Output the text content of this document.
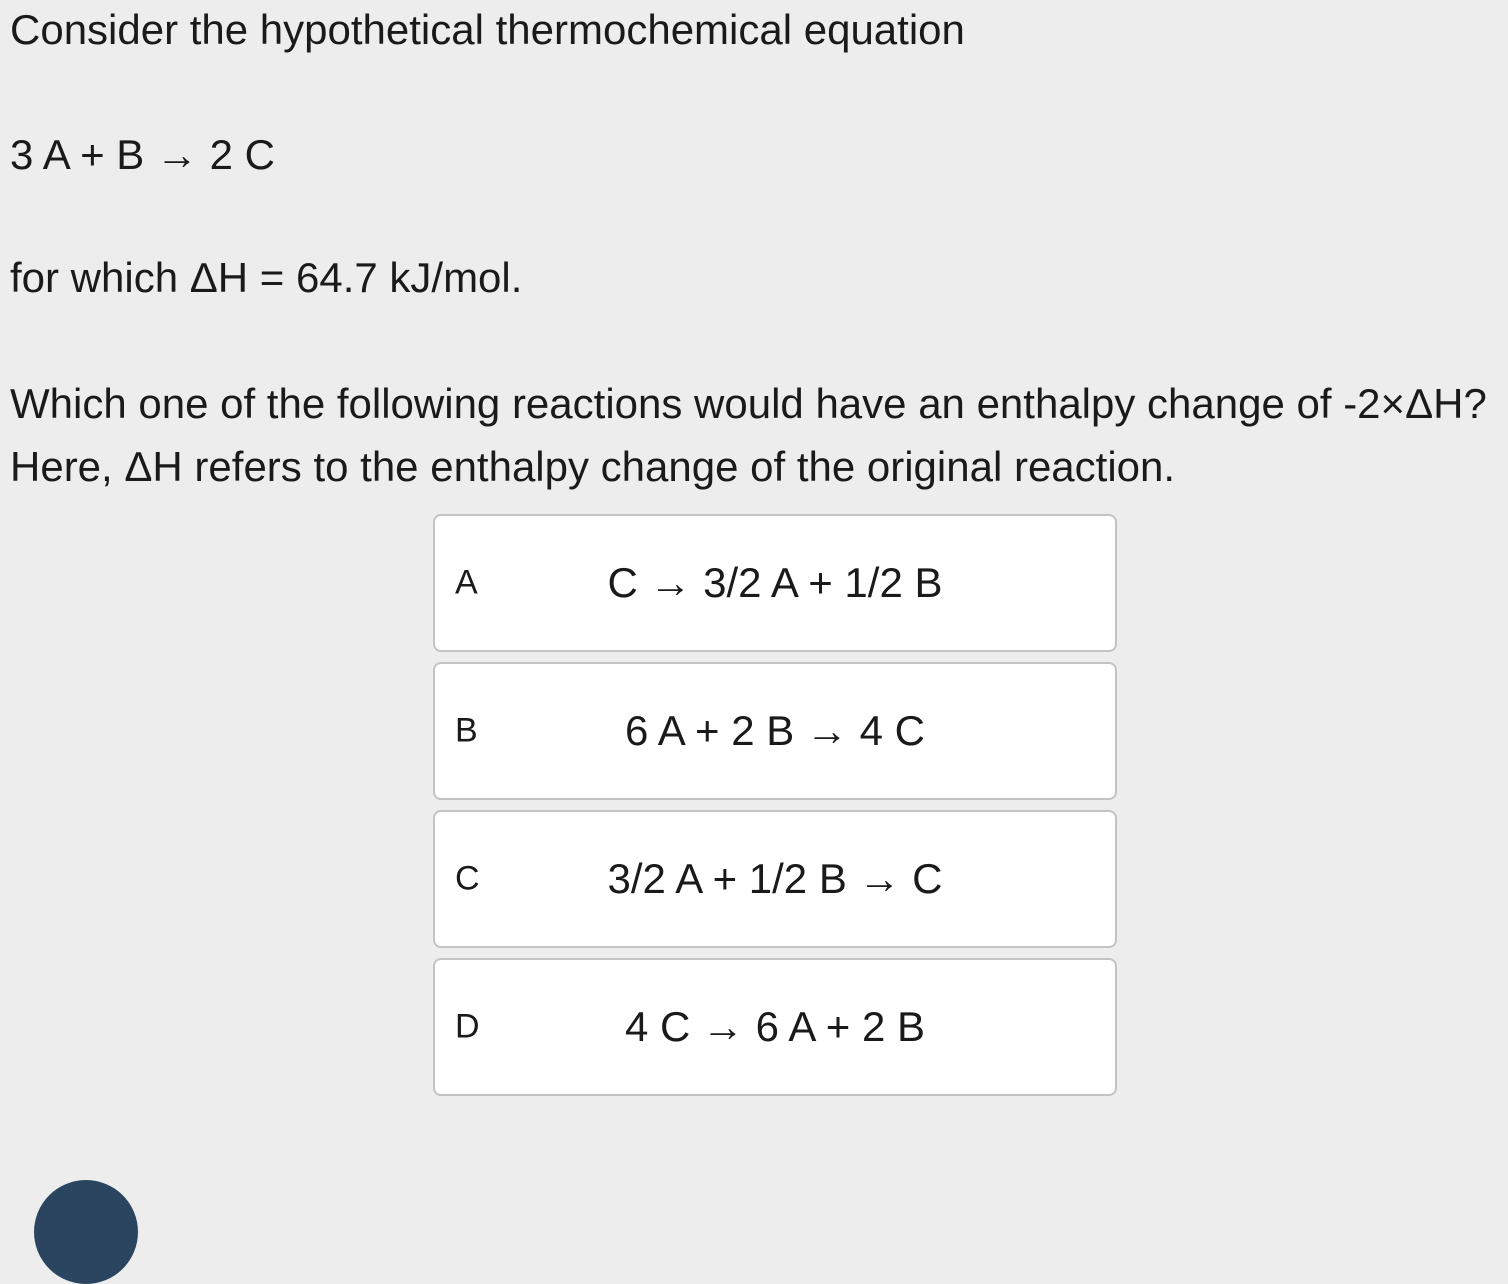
Consider the hypothetical thermochemical equation

3 A + B → 2 C

for which ΔH = 64.7 kJ/mol.

Which one of the following reactions would have an enthalpy change of -2×ΔH? Here, ΔH refers to the enthalpy change of the original reaction.

A	C → 3/2 A + 1/2 B
B	6 A + 2 B → 4 C
C	3/2 A + 1/2 B → C
D	4 C → 6 A + 2 B
